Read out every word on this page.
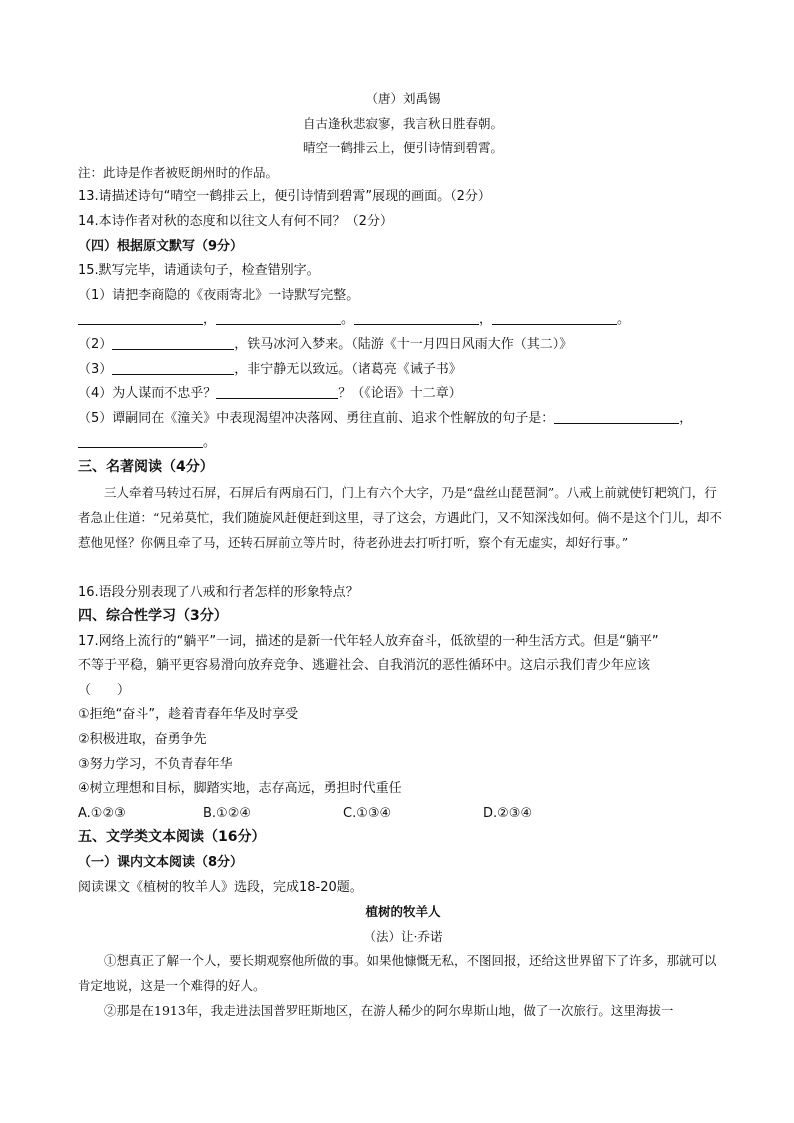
（唐）刘禹锡
自古逢秋悲寂寥，我言秋日胜春朝。
晴空一鹤排云上，便引诗情到碧霄。
注：此诗是作者被贬朗州时的作品。
13.请描述诗句“晴空一鹤排云上，便引诗情到碧霄”展现的画面。（2分）
14.本诗作者对秋的态度和以往文人有何不同？（2分）
（四）根据原文默写（9分）
15.默写完毕，请通读句子，检查错别字。
（1）请把李商隐的《夜雨寄北》一诗默写完整。
，	。	，	。
（2）	，铁马冰河入梦来。（陆游《十一月四日风雨大作（其二）》
（3）	，非宁静无以致远。（诸葛亮《诫子书》
（4）为人谋而不忠乎？	？（《论语》十二章）
（5）谭嗣同在《潼关》中表现渴望冲决落网、勇往直前、追求个性解放的句子是：	，
。
三、名著阅读（4分）
三人牵着马转过石屏，石屏后有两扇石门，门上有六个大字，乃是“盘丝山琵琶洞”。八戒上前就使钉耙筑门，行者急止住道：“兄弟莫忙，我们随旋风赶便赶到这里，寻了这会，方遇此门，又不知深浅如何。倘不是这个门儿，却不惹他见怪？你俩且牵了马，还转石屏前立等片时，待老孙进去打听打听，察个有无虚实，却好行事。”
16.语段分别表现了八戒和行者怎样的形象特点？
四、综合性学习（3分）
17.网络上流行的“躺平”一词，描述的是新一代年轻人放弃奋斗，低欲望的一种生活方式。但是“躺平”
不等于平稳，躺平更容易滑向放弃竞争、逃避社会、自我消沉的恶性循环中。这启示我们青少年应该
（　　）
①拒绝“奋斗”，趁着青春年华及时享受
②积极进取，奋勇争先
③努力学习，不负青春年华
④树立理想和目标，脚踏实地，志存高远，勇担时代重任
A.①②③	B.①②④	C.①③④	D.②③④
五、文学类文本阅读（16分）
（一）课内文本阅读（8分）
阅读课文《植树的牧羊人》选段，完成18-20题。
植树的牧羊人
（法）让·乔诺
①想真正了解一个人，要长期观察他所做的事。如果他慷慨无私，不图回报，还给这世界留下了许多，那就可以肯定地说，这是一个难得的好人。
②那是在1913年，我走进法国普罗旺斯地区，在游人稀少的阿尔卑斯山地，做了一次旅行。这里海拔一
